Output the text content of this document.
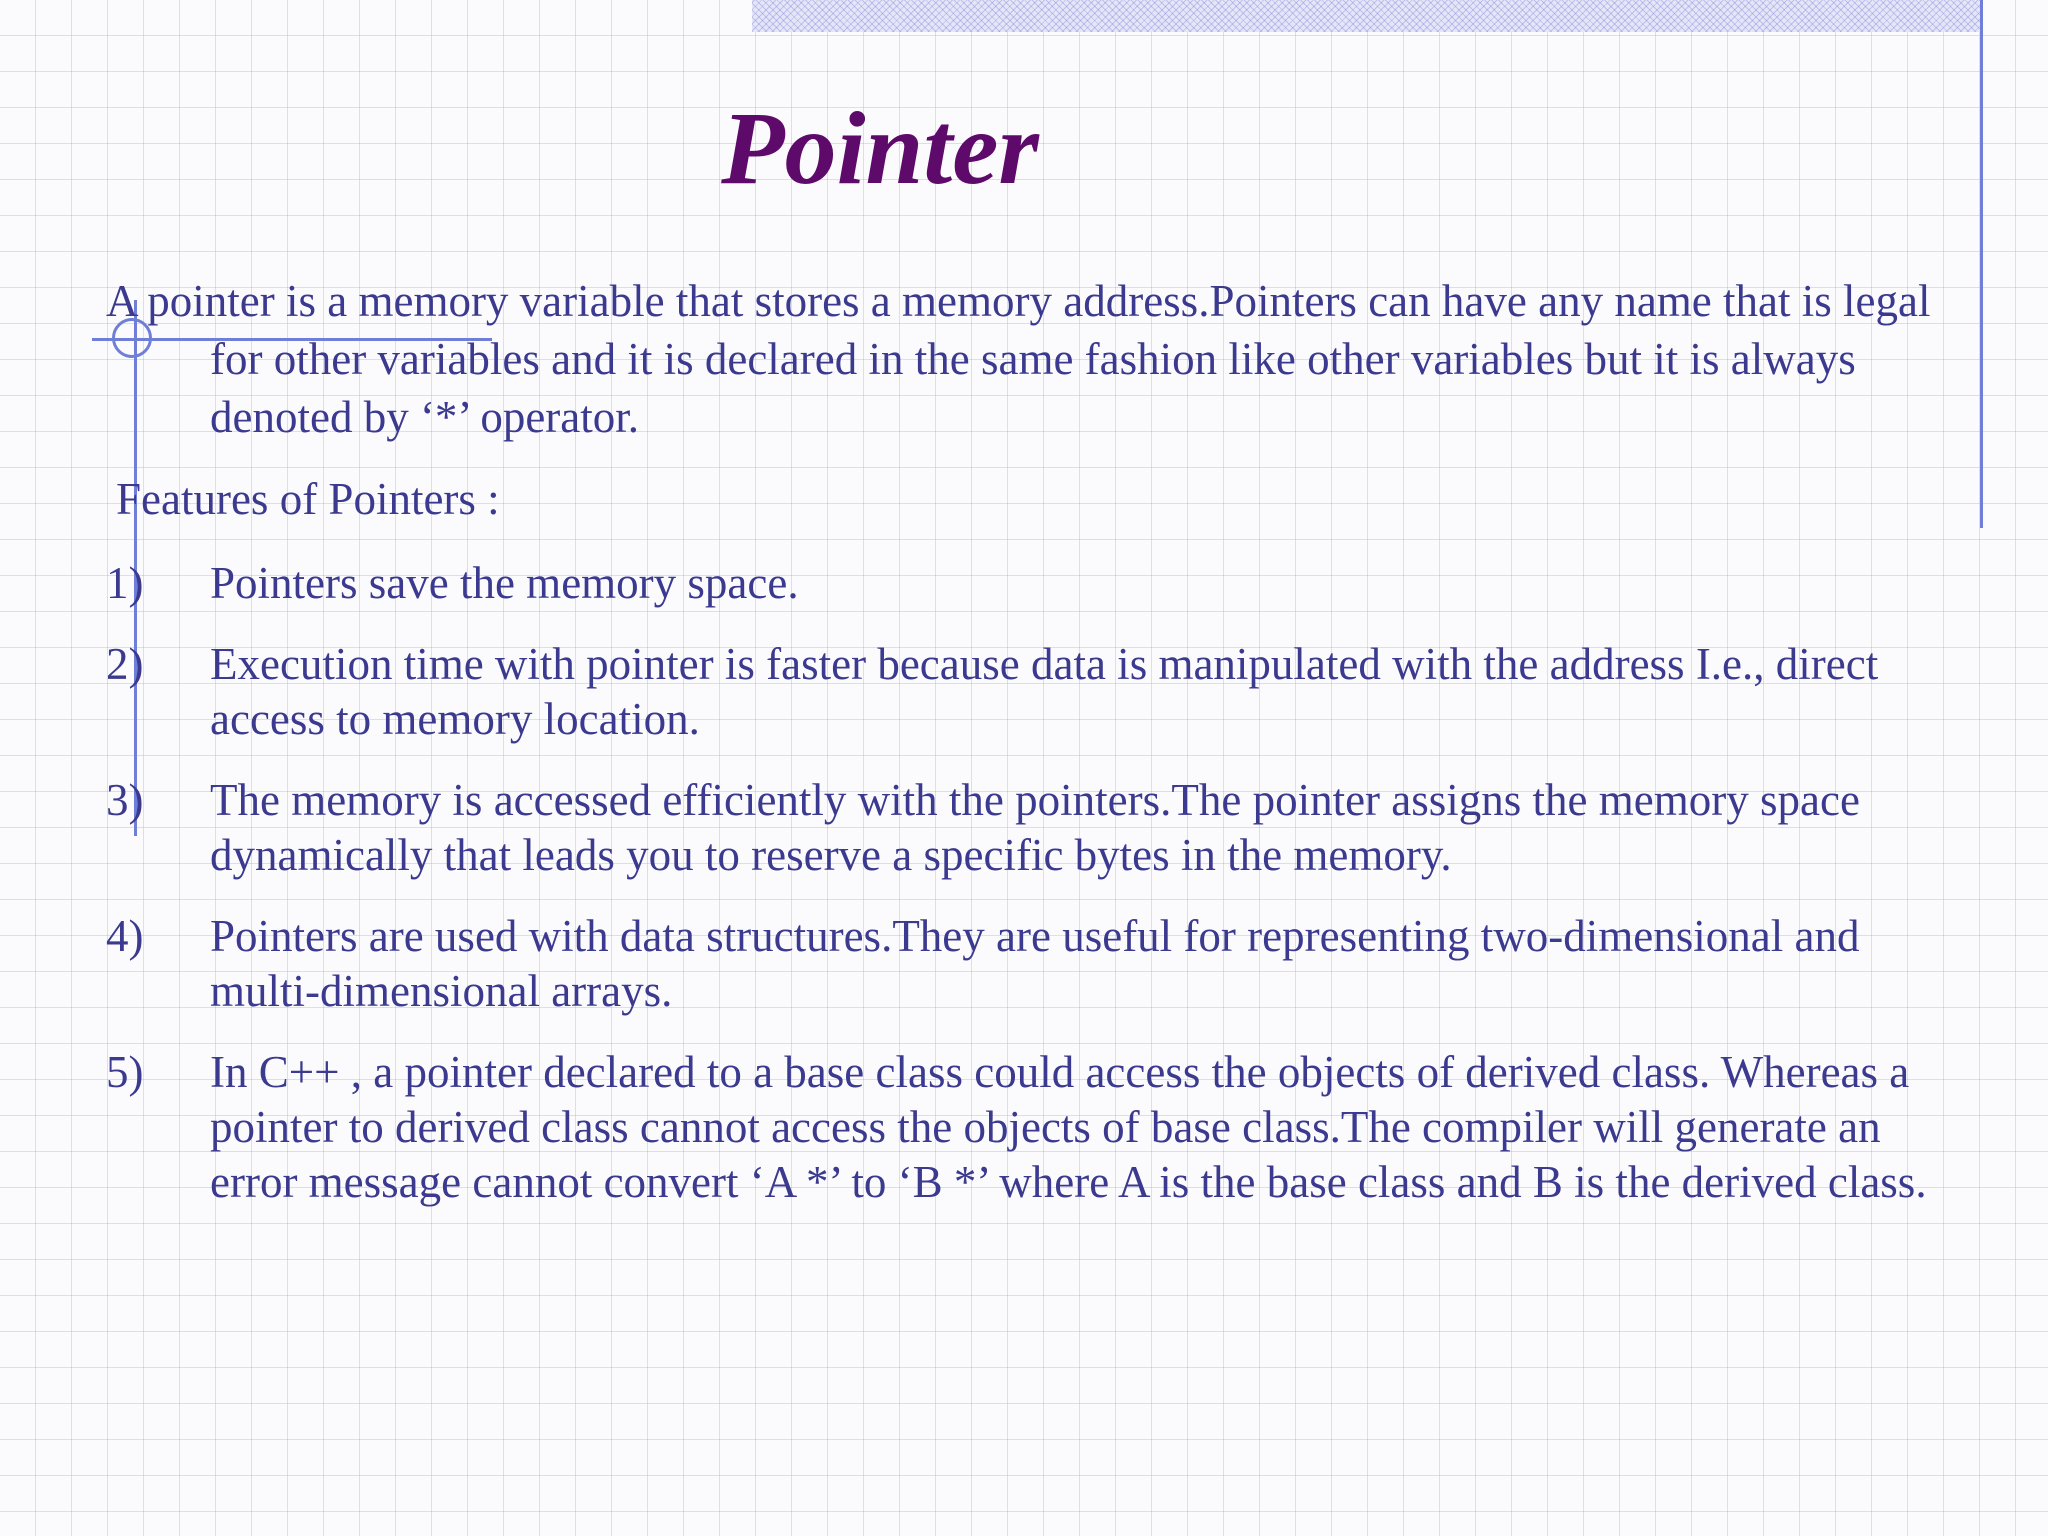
Pointer

A pointer is a memory variable that stores a memory address.Pointers can have any name that is legal for other variables and it is declared in the same fashion like other variables but it is always denoted by ‘*’ operator.

Features of Pointers :

1)	Pointers save the memory space.
2)	Execution time with pointer is faster because data is manipulated with the address I.e., direct access to memory location.
3)	The memory is accessed efficiently with the pointers.The pointer assigns the memory space dynamically that leads you to reserve a specific bytes in the memory.
4)	Pointers are used with data structures.They are useful for representing two-dimensional and multi-dimensional arrays.
5)	In C++ , a pointer declared to a base class could access the objects of derived class. Whereas a pointer to derived class cannot access the objects of base class.The compiler will generate an error message cannot convert ‘A *’ to ‘B *’ where A is the base class and B is the derived class.
